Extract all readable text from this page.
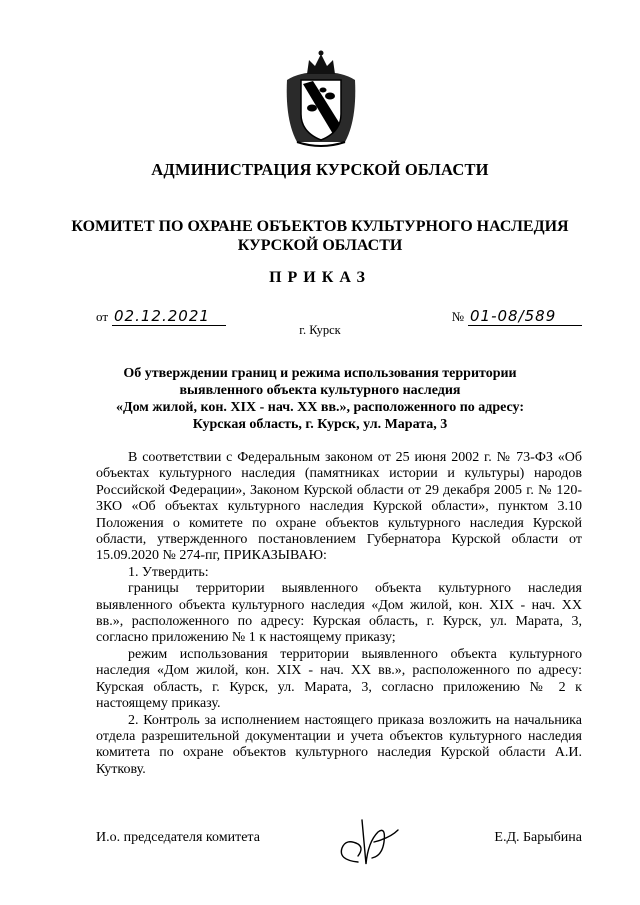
АДМИНИСТРАЦИЯ КУРСКОЙ ОБЛАСТИ
КОМИТЕТ ПО ОХРАНЕ ОБЪЕКТОВ КУЛЬТУРНОГО НАСЛЕДИЯ
КУРСКОЙ ОБЛАСТИ
ПРИКАЗ
от 02.12.2021	№ 01-08/589
г. Курск
Об утверждении границ и режима использования территории
выявленного объекта культурного наследия
«Дом жилой, кон. XIX - нач. XX вв.», расположенного по адресу:
Курская область, г. Курск, ул. Марата, 3

В соответствии с Федеральным законом от 25 июня 2002 г. № 73-ФЗ «Об объектах культурного наследия (памятниках истории и культуры) народов Российской Федерации», Законом Курской области от 29 декабря 2005 г. № 120-ЗКО «Об объектах культурного наследия Курской области», пунктом 3.10 Положения о комитете по охране объектов культурного наследия Курской области, утвержденного постановлением Губернатора Курской области от 15.09.2020 № 274-пг, ПРИКАЗЫВАЮ:

1. Утвердить:

границы территории выявленного объекта культурного наследия выявленного объекта культурного наследия «Дом жилой, кон. XIX - нач. XX вв.», расположенного по адресу: Курская область, г. Курск, ул. Марата, 3, согласно приложению № 1 к настоящему приказу;

режим использования территории выявленного объекта культурного наследия «Дом жилой, кон. XIX - нач. XX вв.», расположенного по адресу: Курская область, г. Курск, ул. Марата, 3, согласно приложению № 2 к настоящему приказу.

2. Контроль за исполнением настоящего приказа возложить на начальника отдела разрешительной документации и учета объектов культурного наследия комитета по охране объектов культурного наследия Курской области А.И. Куткову.

И.о. председателя комитета	Е.Д. Барыбина
